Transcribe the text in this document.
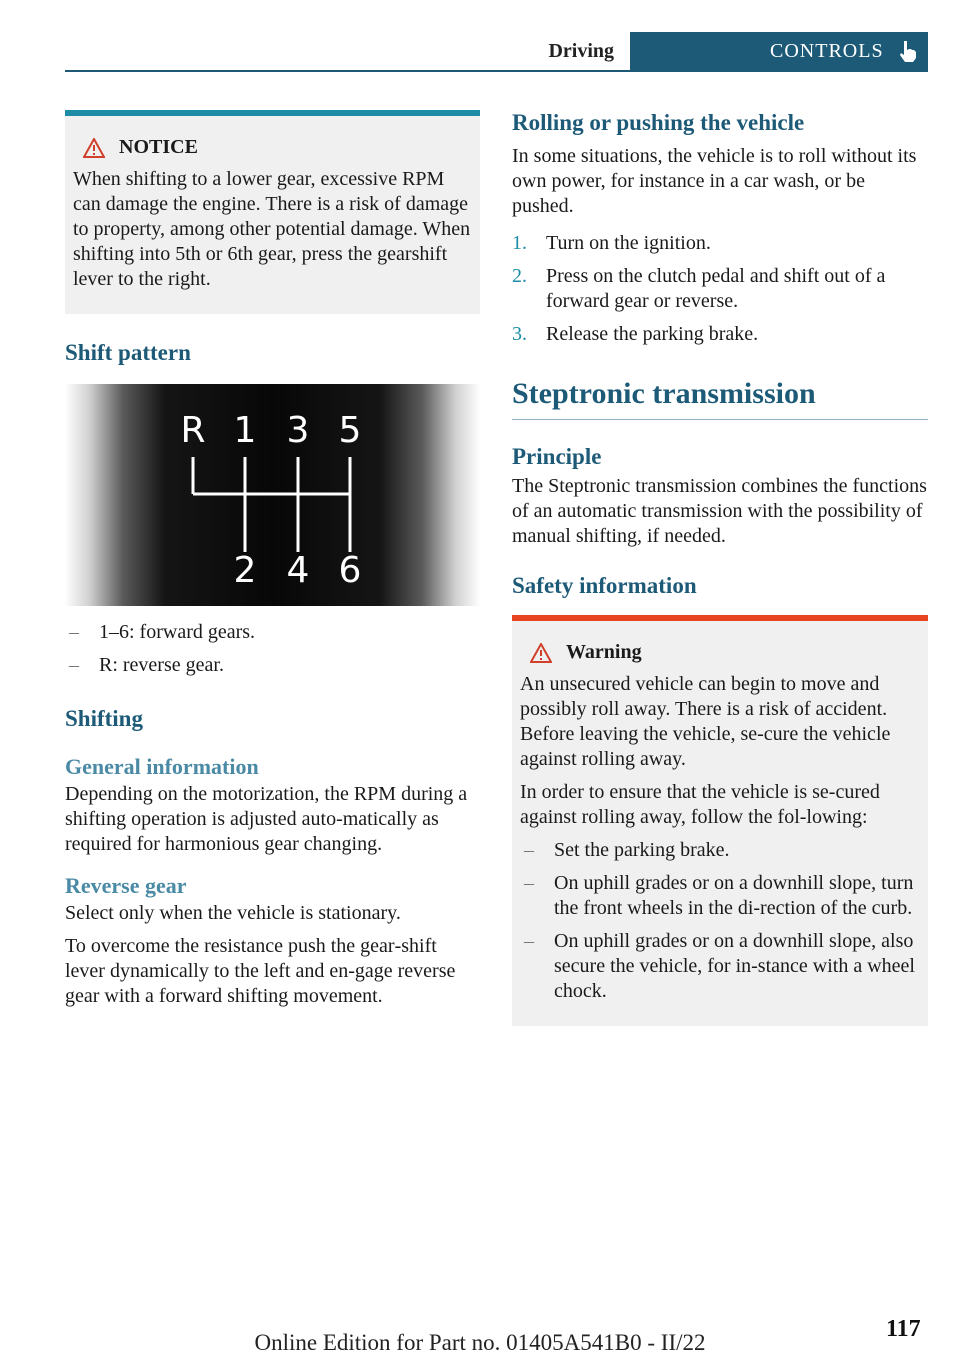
Driving	CONTROLS
NOTICE

When shifting to a lower gear, excessive RPM can damage the engine. There is a risk of damage to property, among other potential damage. When shifting into 5th or 6th gear, press the gearshift lever to the right.

Shift pattern
R 1 3 5
2 4 6
– 1–6: forward gears.
– R: reverse gear.
Shifting
General information

Depending on the motorization, the RPM during a shifting operation is adjusted auto‐matically as required for harmonious gear changing.

Reverse gear

Select only when the vehicle is stationary.

To overcome the resistance push the gear‐shift lever dynamically to the left and en‐gage reverse gear with a forward shifting movement.

Rolling or pushing the vehicle

In some situations, the vehicle is to roll without its own power, for instance in a car wash, or be pushed.

1. Turn on the ignition.
2. Press on the clutch pedal and shift out of a forward gear or reverse.
3. Release the parking brake.
Steptronic transmission
Principle

The Steptronic transmission combines the functions of an automatic transmission with the possibility of manual shifting, if needed.

Safety information
Warning

An unsecured vehicle can begin to move and possibly roll away. There is a risk of accident. Before leaving the vehicle, se‐cure the vehicle against rolling away.

In order to ensure that the vehicle is se‐cured against rolling away, follow the fol‐lowing:

– Set the parking brake.
– On uphill grades or on a downhill slope, turn the front wheels in the di‐rection of the curb.
– On uphill grades or on a downhill slope, also secure the vehicle, for in‐stance with a wheel chock.
117
Online Edition for Part no. 01405A541B0 - II/22
